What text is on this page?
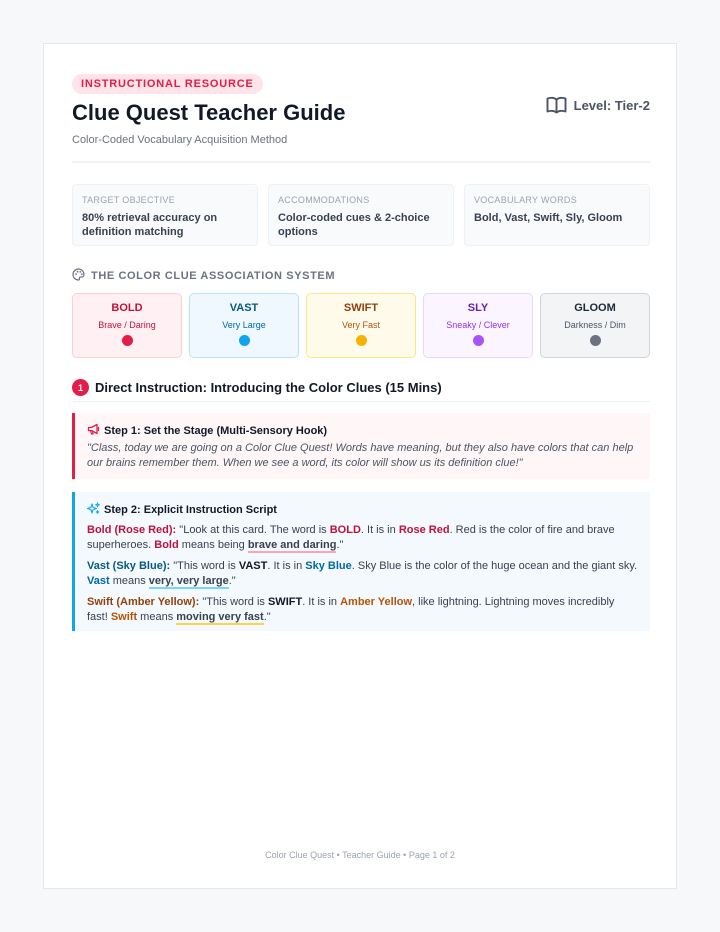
INSTRUCTIONAL RESOURCE
Clue Quest Teacher Guide
Color-Coded Vocabulary Acquisition Method
Level: Tier-2
TARGET OBJECTIVE
80% retrieval accuracy on definition matching
ACCOMMODATIONS
Color-coded cues & 2-choice options
VOCABULARY WORDS
Bold, Vast, Swift, Sly, Gloom
THE COLOR CLUE ASSOCIATION SYSTEM
BOLD
Brave / Daring
VAST
Very Large
SWIFT
Very Fast
SLY
Sneaky / Clever
GLOOM
Darkness / Dim
1 Direct Instruction: Introducing the Color Clues (15 Mins)
Step 1: Set the Stage (Multi-Sensory Hook)
"Class, today we are going on a Color Clue Quest! Words have meaning, but they also have colors that can help our brains remember them. When we see a word, its color will show us its definition clue!"
Step 2: Explicit Instruction Script

Bold (Rose Red): "Look at this card. The word is BOLD. It is in Rose Red. Red is the color of fire and brave superheroes. Bold means being brave and daring."

Vast (Sky Blue): "This word is VAST. It is in Sky Blue. Sky Blue is the color of the huge ocean and the giant sky. Vast means very, very large."

Swift (Amber Yellow): "This word is SWIFT. It is in Amber Yellow, like lightning. Lightning moves incredibly fast! Swift means moving very fast."

Color Clue Quest • Teacher Guide • Page 1 of 2
